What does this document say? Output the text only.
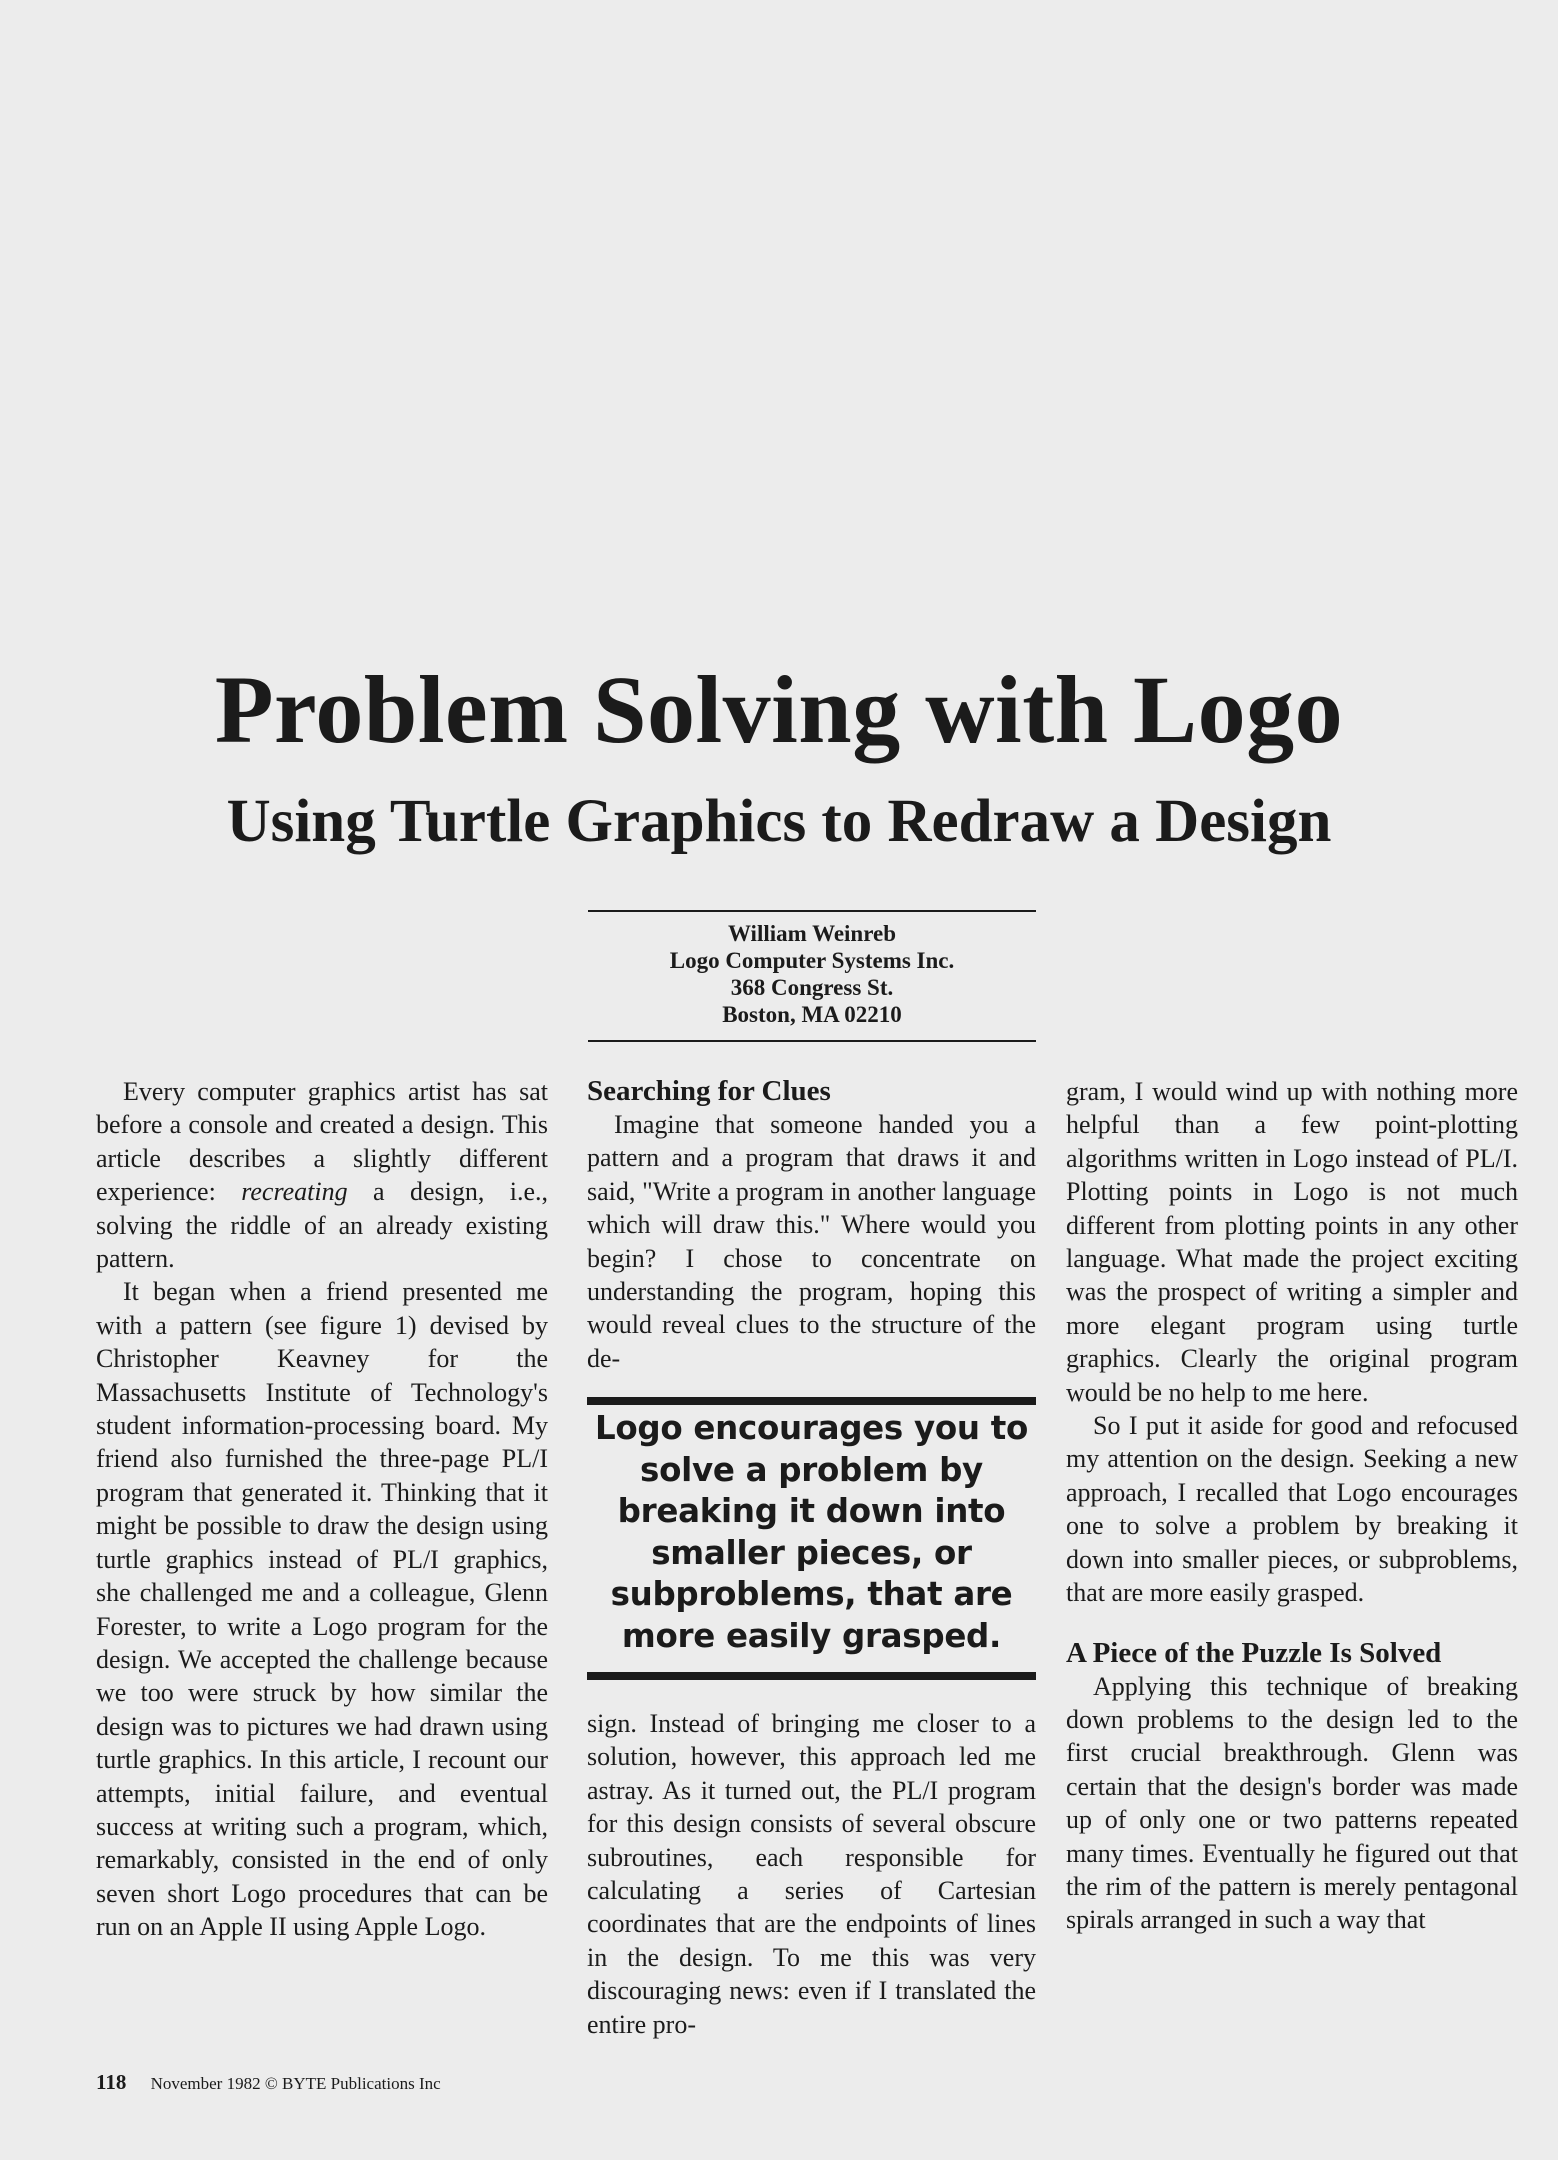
Problem Solving with Logo
Using Turtle Graphics to Redraw a Design
William Weinreb
Logo Computer Systems Inc.
368 Congress St.
Boston, MA 02210

Every computer graphics artist has sat before a console and created a design. This article describes a slightly different experience: recreating a design, i.e., solving the riddle of an already existing pattern.

It began when a friend presented me with a pattern (see figure 1) devised by Christopher Keavney for the Massachusetts Institute of Technology's student information-processing board. My friend also furnished the three-page PL/I program that generated it. Thinking that it might be possible to draw the design using turtle graphics instead of PL/I graphics, she challenged me and a colleague, Glenn Forester, to write a Logo program for the design. We accepted the challenge because we too were struck by how similar the design was to pictures we had drawn using turtle graphics. In this article, I recount our attempts, initial failure, and eventual success at writing such a program, which, remarkably, consisted in the end of only seven short Logo procedures that can be run on an Apple II using Apple Logo.

Searching for Clues

Imagine that someone handed you a pattern and a program that draws it and said, "Write a program in another language which will draw this." Where would you begin? I chose to concentrate on understanding the program, hoping this would reveal clues to the structure of the de-

Logo encourages you to solve a problem by breaking it down into smaller pieces, or subproblems, that are more easily grasped.

sign. Instead of bringing me closer to a solution, however, this approach led me astray. As it turned out, the PL/I program for this design consists of several obscure subroutines, each responsible for calculating a series of Cartesian coordinates that are the endpoints of lines in the design. To me this was very discouraging news: even if I translated the entire pro-

gram, I would wind up with nothing more helpful than a few point-plotting algorithms written in Logo instead of PL/I. Plotting points in Logo is not much different from plotting points in any other language. What made the project exciting was the prospect of writing a simpler and more elegant program using turtle graphics. Clearly the original program would be no help to me here.

So I put it aside for good and refocused my attention on the design. Seeking a new approach, I recalled that Logo encourages one to solve a problem by breaking it down into smaller pieces, or subproblems, that are more easily grasped.

A Piece of the Puzzle Is Solved

Applying this technique of breaking down problems to the design led to the first crucial breakthrough. Glenn was certain that the design's border was made up of only one or two patterns repeated many times. Eventually he figured out that the rim of the pattern is merely pentagonal spirals arranged in such a way that

118 November 1982 © BYTE Publications Inc
